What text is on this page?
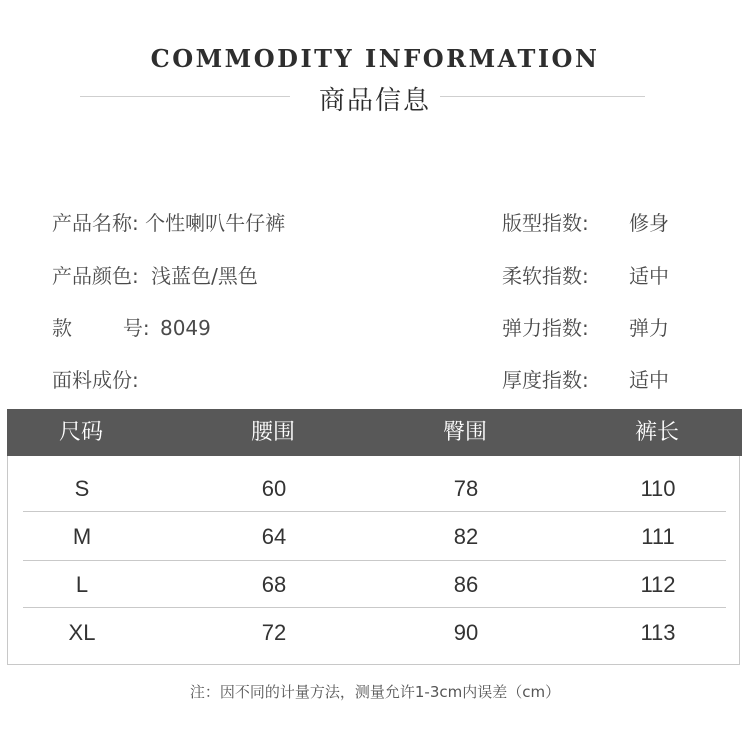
COMMODITY INFORMATION
商品信息
产品名称: 个性喇叭牛仔裤
产品颜色: 浅蓝色/黑色
款        号: 8049
面料成份:
版型指数: 修身
柔软指数: 适中
弹力指数: 弹力
厚度指数: 适中
尺码	腰围	臀围	裤长
S	60	78	110
M	64	82	111
L	68	86	112
XL	72	90	113
注：因不同的计量方法，测量允许1-3cm内误差（cm）
